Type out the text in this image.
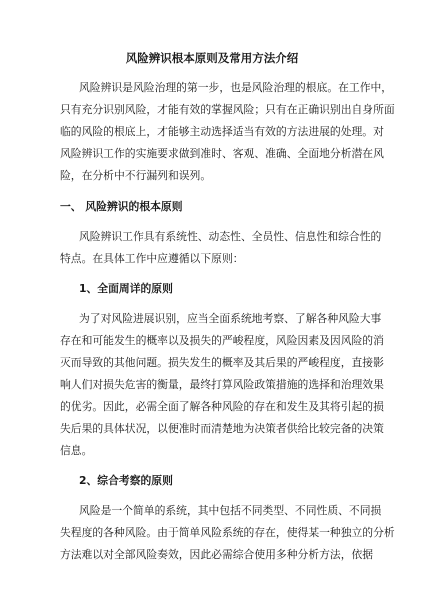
风险辨识根本原则及常用方法介绍
风险辨识是风险治理的第一步，也是风险治理的根底。在工作中，
只有充分识别风险，才能有效的掌握风险；只有在正确识别出自身所面
临的风险的根底上，才能够主动选择适当有效的方法进展的处理。对
风险辨识工作的实施要求做到准时、客观、准确、全面地分析潜在风
险，在分析中不行漏列和误列。
一、 风险辨识的根本原则
风险辨识工作具有系统性、动态性、全员性、信息性和综合性的
特点。在具体工作中应遵循以下原则：
1、全面周详的原则
为了对风险进展识别，应当全面系统地考察、了解各种风险大事
存在和可能发生的概率以及损失的严峻程度，风险因素及因风险的消
灭而导致的其他问题。损失发生的概率及其后果的严峻程度，直接影
响人们对损失危害的衡量，最终打算风险政策措施的选择和治理效果
的优劣。因此，必需全面了解各种风险的存在和发生及其将引起的损
失后果的具体状况，以便准时而清楚地为决策者供给比较完备的决策
信息。
2、综合考察的原则
风险是一个简单的系统，其中包括不同类型、不同性质、不同损
失程度的各种风险。由于简单风险系统的存在，使得某一种独立的分析
方法难以对全部风险奏效，因此必需综合使用多种分析方法，依据
